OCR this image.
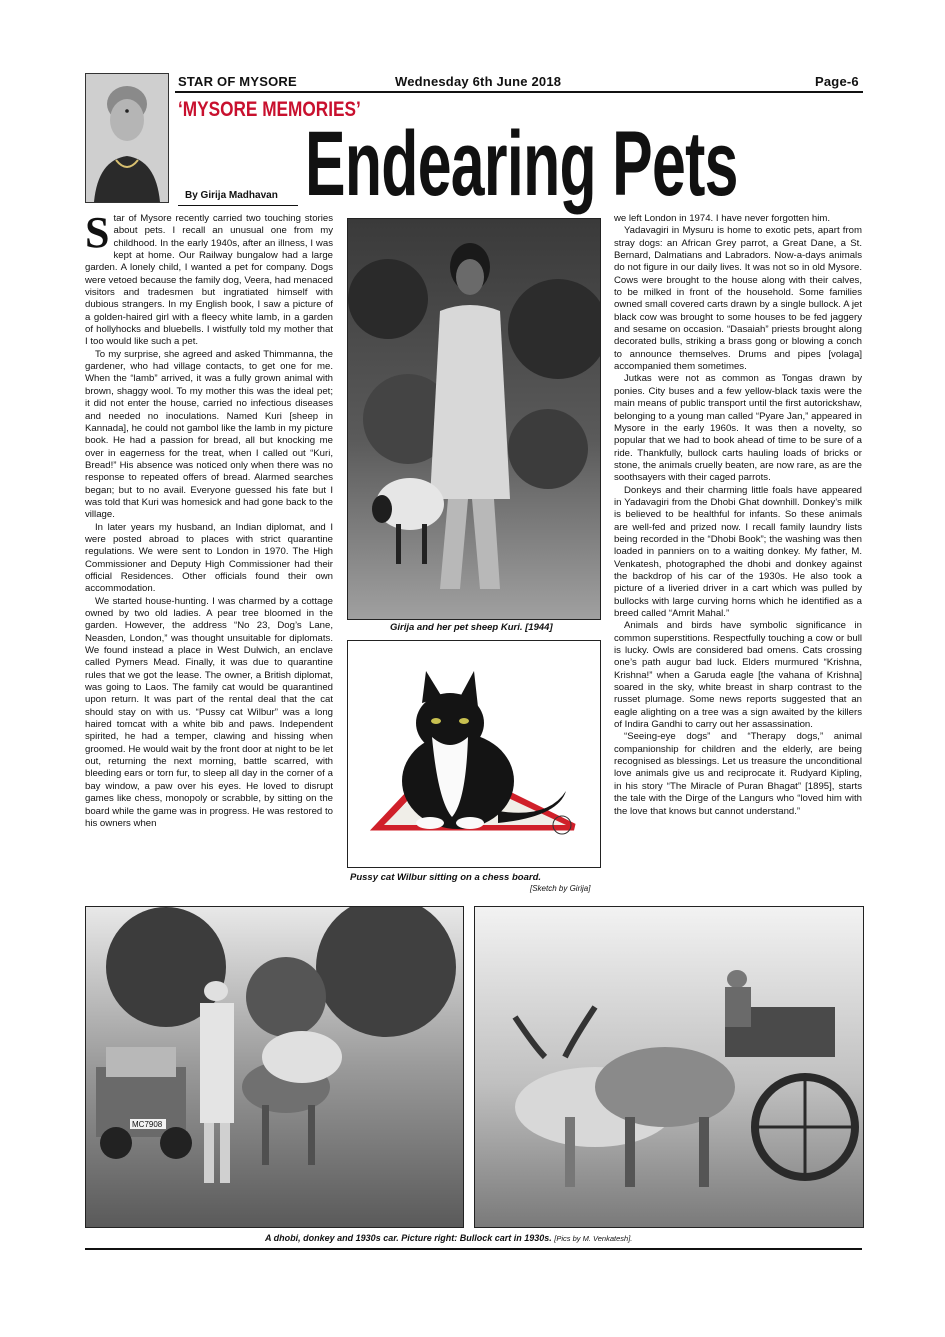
STAR OF MYSORE	Wednesday 6th June 2018	Page-6
‘MYSORE MEMORIES’
Endearing Pets
By Girija Madhavan

Star of Mysore recently carried two touching stories about pets. I recall an unusual one from my childhood. In the early 1940s, after an illness, I was kept at home. Our Railway bungalow had a large garden. A lonely child, I wanted a pet for company. Dogs were vetoed because the family dog, Veera, had menaced visitors and tradesmen but ingratiated himself with dubious strangers. In my English book, I saw a picture of a golden-haired girl with a fleecy white lamb, in a garden of hollyhocks and bluebells. I wistfully told my mother that I too would like such a pet.

To my surprise, she agreed and asked Thimmanna, the gardener, who had village contacts, to get one for me. When the “lamb” arrived, it was a fully grown animal with brown, shaggy wool. To my mother this was the ideal pet; it did not enter the house, carried no infectious diseases and needed no inoculations. Named Kuri [sheep in Kannada], he could not gambol like the lamb in my picture book. He had a passion for bread, all but knocking me over in eagerness for the treat, when I called out “Kuri, Bread!” His absence was noticed only when there was no response to repeated offers of bread. Alarmed searches began; but to no avail. Everyone guessed his fate but I was told that Kuri was homesick and had gone back to the village.

In later years my husband, an Indian diplomat, and I were posted abroad to places with strict quarantine regulations. We were sent to London in 1970. The High Commissioner and Deputy High Commissioner had their official Residences. Other officials found their own accommodation.

We started house-hunting. I was charmed by a cottage owned by two old ladies. A pear tree bloomed in the garden. However, the address “No 23, Dog’s Lane, Neasden, London,” was thought unsuitable for diplomats. We found instead a place in West Dulwich, an enclave called Pymers Mead. Finally, it was due to quarantine rules that we got the lease. The owner, a British diplomat, was going to Laos. The family cat would be quarantined upon return. It was part of the rental deal that the cat should stay on with us. “Pussy cat Wilbur” was a long haired tomcat with a white bib and paws. Independent spirited, he had a temper, clawing and hissing when groomed. He would wait by the front door at night to be let out, returning the next morning, battle scarred, with bleeding ears or torn fur, to sleep all day in the corner of a bay window, a paw over his eyes. He loved to disrupt games like chess, monopoly or scrabble, by sitting on the board while the game was in progress. He was restored to his owners when

Girija and her pet sheep Kuri. [1944]
Pussy cat Wilbur sitting on a chess board.
[Sketch by Girija]

we left London in 1974. I have never forgotten him.

Yadavagiri in Mysuru is home to exotic pets, apart from stray dogs: an African Grey parrot, a Great Dane, a St. Bernard, Dalmatians and Labradors. Now-a-days animals do not figure in our daily lives. It was not so in old Mysore. Cows were brought to the house along with their calves, to be milked in front of the household. Some families owned small covered carts drawn by a single bullock. A jet black cow was brought to some houses to be fed jaggery and sesame on occasion. “Dasaiah” priests brought along decorated bulls, striking a brass gong or blowing a conch to announce themselves. Drums and pipes [volaga] accompanied them sometimes.

Jutkas were not as common as Tongas drawn by ponies. City buses and a few yellow-black taxis were the main means of public transport until the first autorickshaw, belonging to a young man called “Pyare Jan,” appeared in Mysore in the early 1960s. It was then a novelty, so popular that we had to book ahead of time to be sure of a ride. Thankfully, bullock carts hauling loads of bricks or stone, the animals cruelly beaten, are now rare, as are the soothsayers with their caged parrots.

Donkeys and their charming little foals have appeared in Yadavagiri from the Dhobi Ghat downhill. Donkey’s milk is believed to be healthful for infants. So these animals are well-fed and prized now. I recall family laundry lists being recorded in the “Dhobi Book”; the washing was then loaded in panniers on to a waiting donkey. My father, M. Venkatesh, photographed the dhobi and donkey against the backdrop of his car of the 1930s. He also took a picture of a liveried driver in a cart which was pulled by bullocks with large curving horns which he identified as a breed called “Amrit Mahal.”

Animals and birds have symbolic significance in common superstitions. Respectfully touching a cow or bull is lucky. Owls are considered bad omens. Cats crossing one’s path augur bad luck. Elders murmured “Krishna, Krishna!” when a Garuda eagle [the vahana of Krishna] soared in the sky, white breast in sharp contrast to the russet plumage. Some news reports suggested that an eagle alighting on a tree was a sign awaited by the killers of Indira Gandhi to carry out her assassination.

“Seeing-eye dogs” and “Therapy dogs,” animal companionship for children and the elderly, are being recognised as blessings. Let us treasure the unconditional love animals give us and reciprocate it. Rudyard Kipling, in his story “The Miracle of Puran Bhagat” [1895], starts the tale with the Dirge of the Langurs who “loved him with the love that knows but cannot understand.”

MC7908
A dhobi, donkey and 1930s car. Picture right: Bullock cart in 1930s. [Pics by M. Venkatesh].
